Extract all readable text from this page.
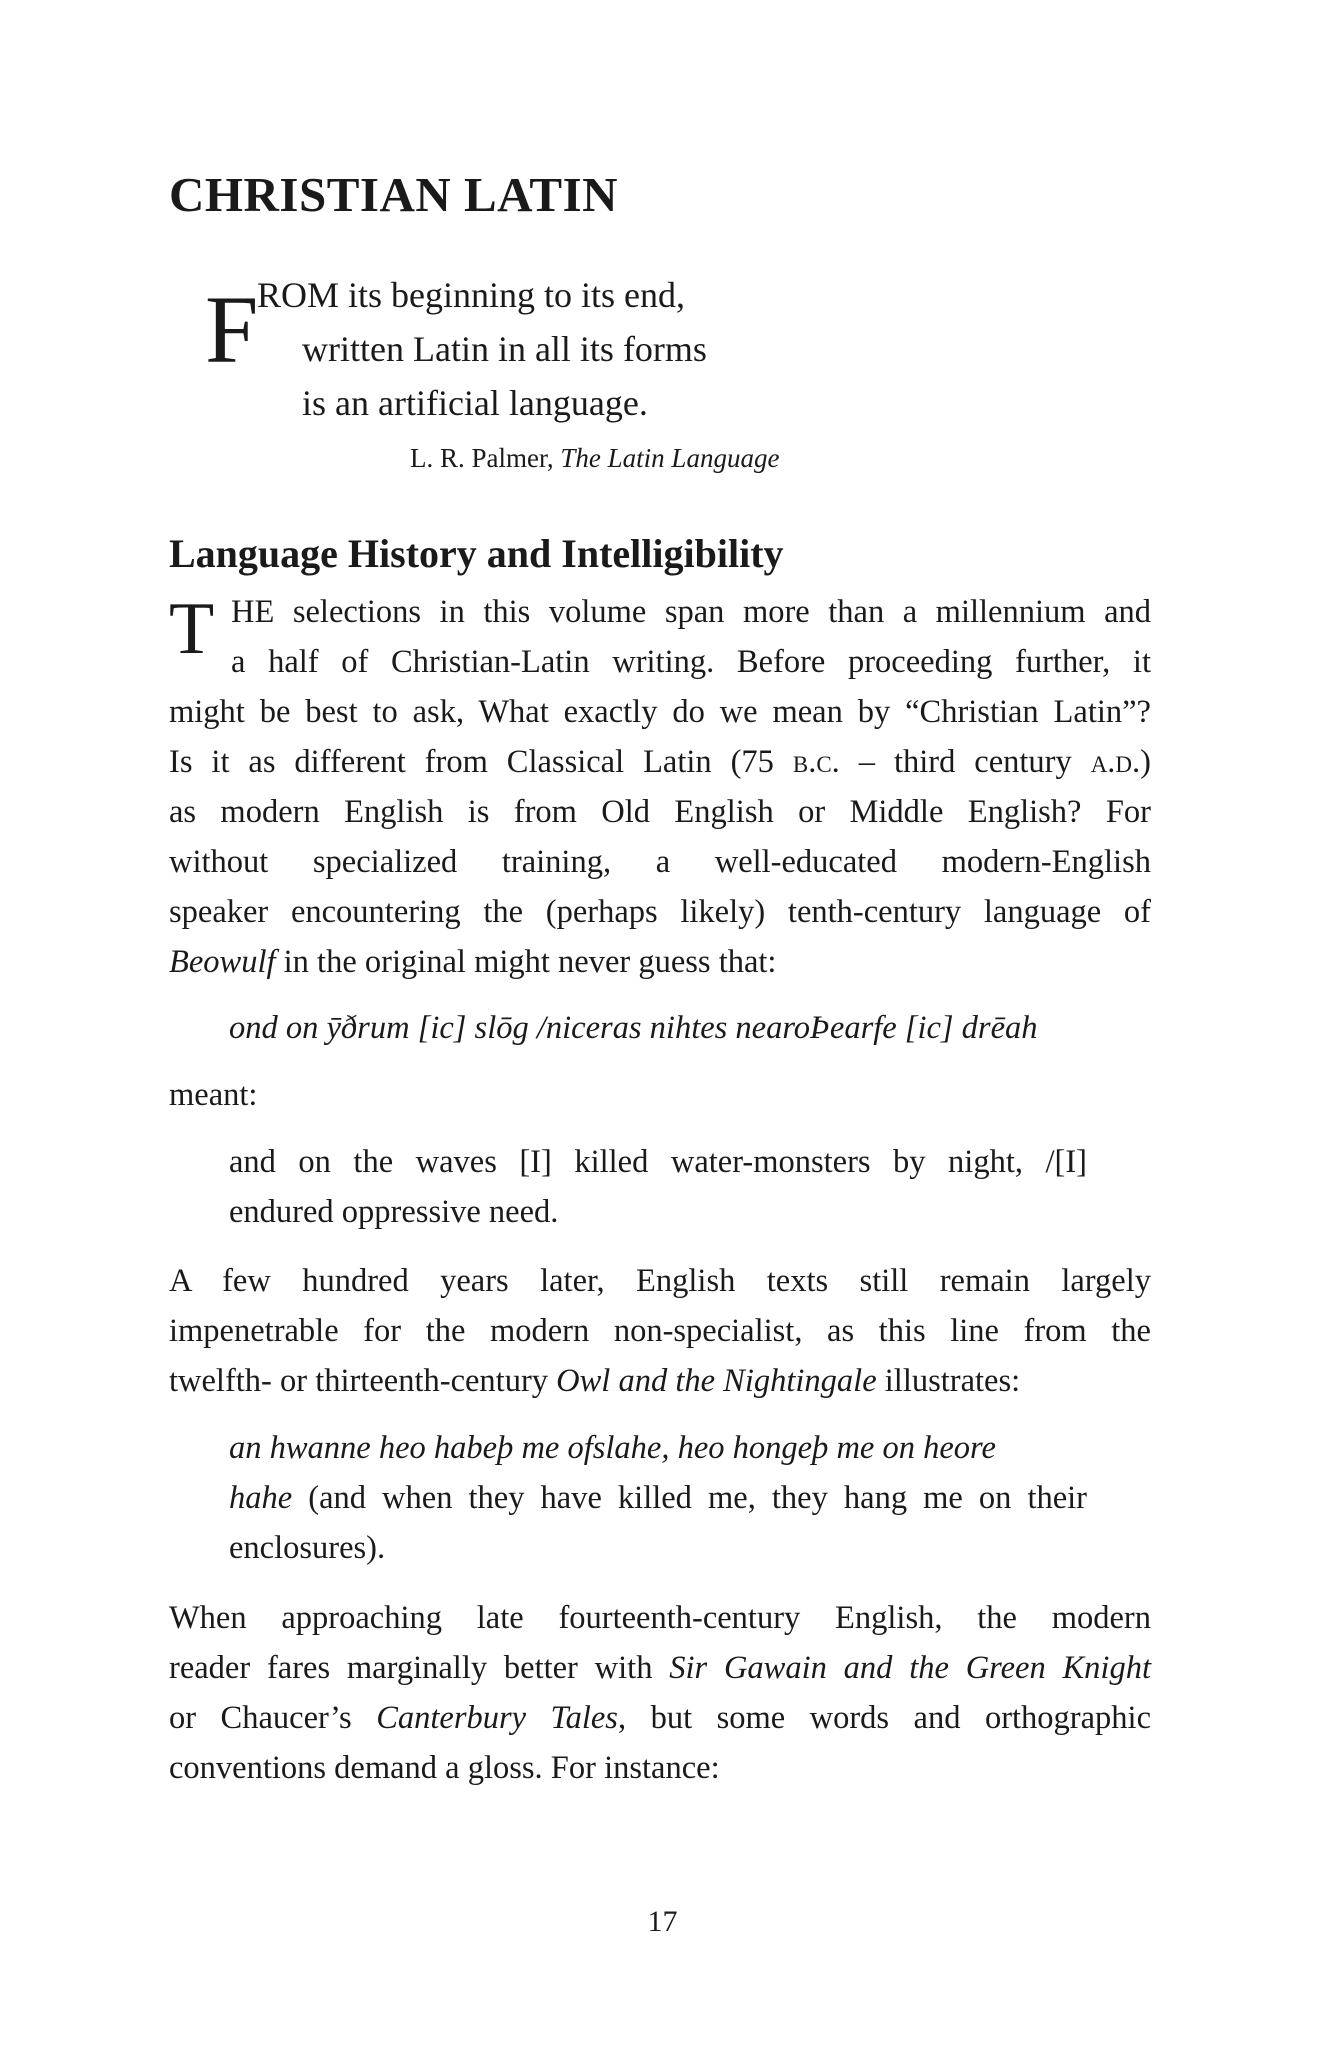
CHRISTIAN LATIN
F
ROM its beginning to its end,
written Latin in all its forms
is an artificial language.
L. R. Palmer, The Latin Language
Language History and Intelligibility
T HE selections in this volume span more than a millennium and
a half of Christian-Latin writing. Before proceeding further, it
might be best to ask, What exactly do we mean by “Christian Latin”?
Is it as different from Classical Latin (75 b.c. – third century a.d.)
as modern English is from Old English or Middle English? For
without specialized training, a well-educated modern-English
speaker encountering the (perhaps likely) tenth-century language of
Beowulf in the original might never guess that:
ond on ȳðrum [ic] slōg /niceras nihtes nearoÞearfe [ic] drēah
meant:
and on the waves [I] killed water-monsters by night, /[I]
endured oppressive need.
A few hundred years later, English texts still remain largely
impenetrable for the modern non-specialist, as this line from the
twelfth- or thirteenth-century Owl and the Nightingale illustrates:
an hwanne heo habeþ me ofslahe, heo hongeþ me on heore
hahe (and when they have killed me, they hang me on their
enclosures).
When approaching late fourteenth-century English, the modern
reader fares marginally better with Sir Gawain and the Green Knight
or Chaucer’s Canterbury Tales, but some words and orthographic
conventions demand a gloss. For instance:
17
